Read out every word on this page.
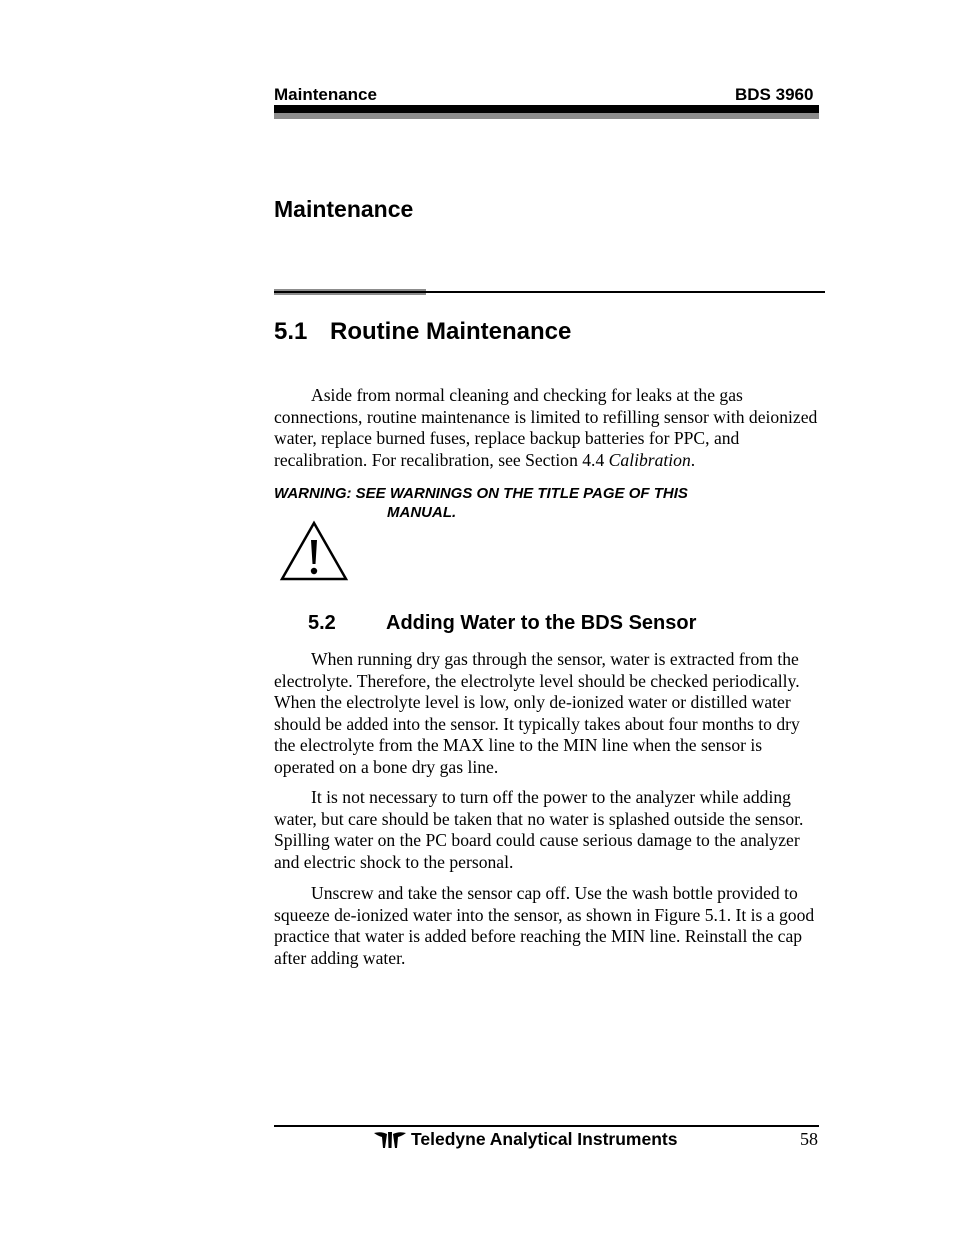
Maintenance	BDS 3960
Maintenance
5.1 Routine Maintenance
Aside from normal cleaning and checking for leaks at the gas connections, routine maintenance is limited to refilling sensor with deionized water, replace burned fuses, replace backup batteries for PPC, and recalibration. For recalibration, see Section 4.4 Calibration.
WARNING: SEE WARNINGS ON THE TITLE PAGE OF THIS
MANUAL.
5.2	Adding Water to the BDS Sensor
When running dry gas through the sensor, water is extracted from the electrolyte. Therefore, the electrolyte level should be checked periodically. When the electrolyte level is low, only de-ionized water or distilled water should be added into the sensor. It typically takes about four months to dry the electrolyte from the MAX line to the MIN line when the sensor is operated on a bone dry gas line.
It is not necessary to turn off the power to the analyzer while adding water, but care should be taken that no water is splashed outside the sensor. Spilling water on the PC board could cause serious damage to the analyzer and electric shock to the personal.
Unscrew and take the sensor cap off. Use the wash bottle provided to squeeze de-ionized water into the sensor, as shown in Figure 5.1. It is a good practice that water is added before reaching the MIN line. Reinstall the cap after adding water.
Teledyne Analytical Instruments	58
